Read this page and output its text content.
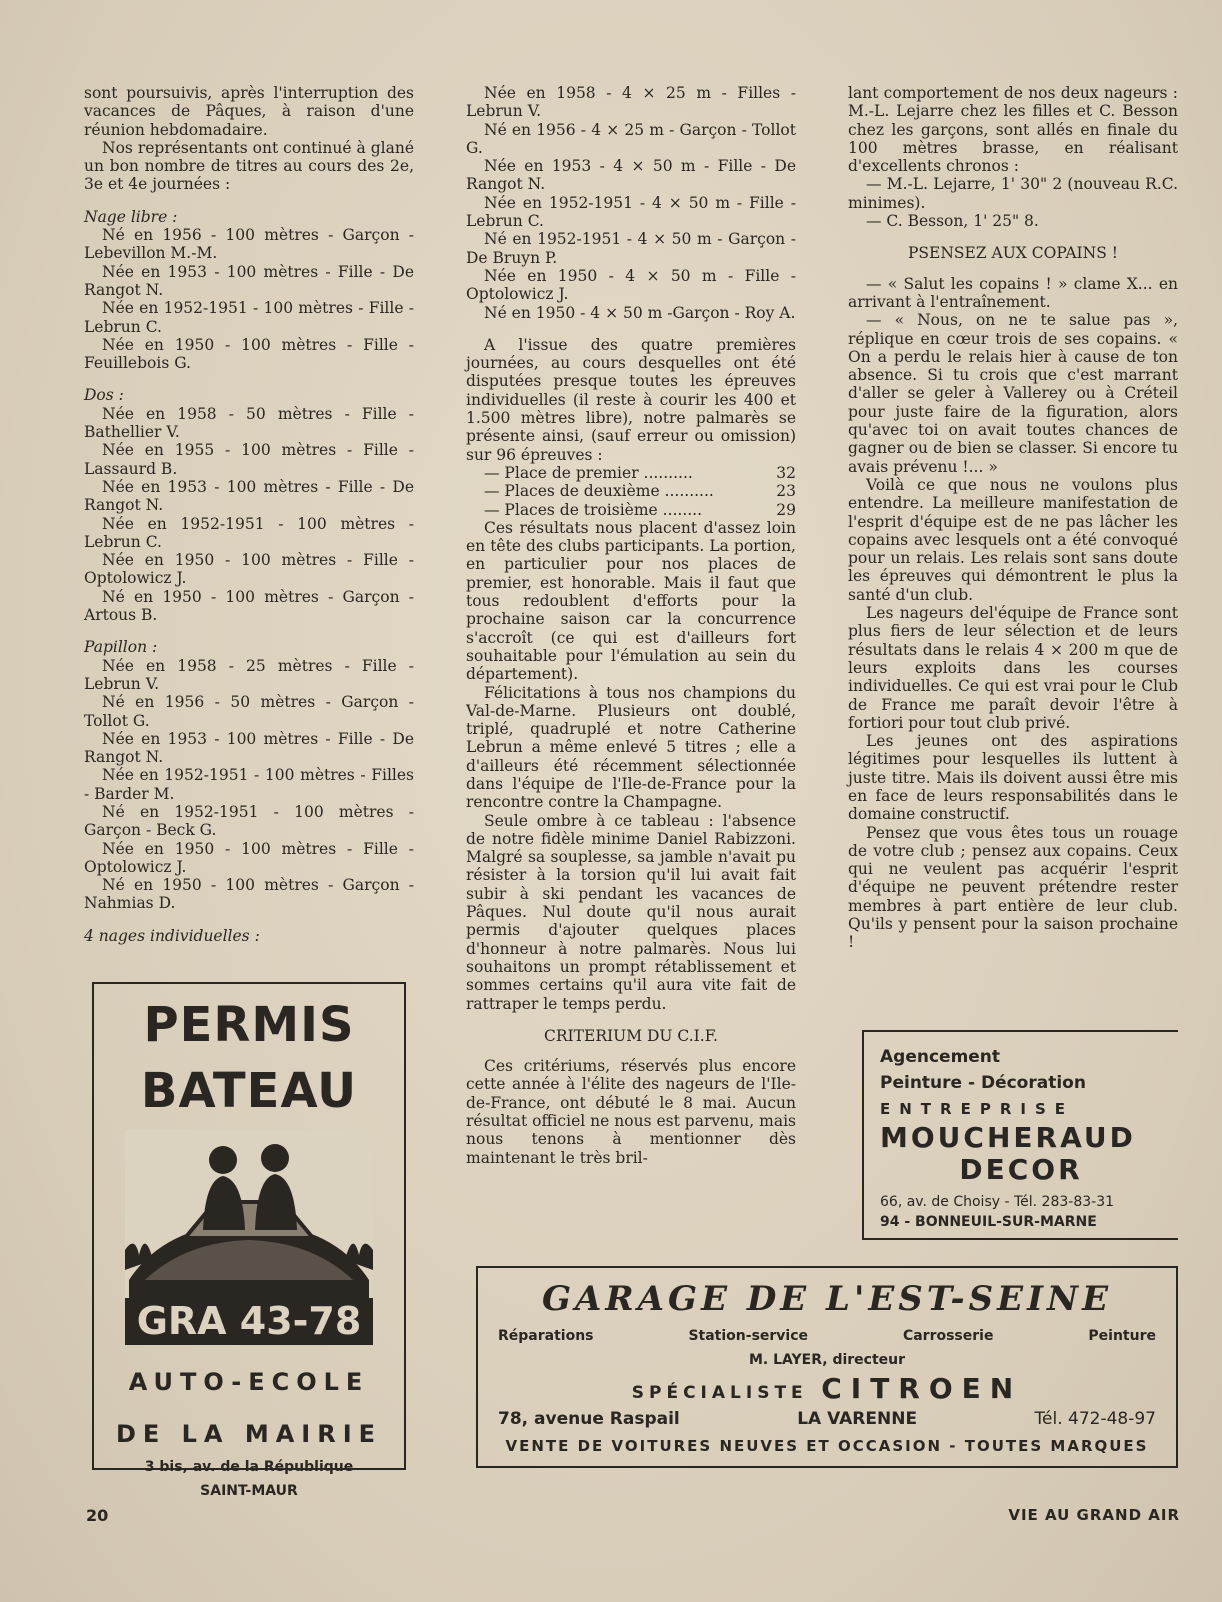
sont poursuivis, après l'interruption des vacances de Pâques, à raison d'une réunion hebdomadaire.

Nos représentants ont continué à glané un bon nombre de titres au cours des 2e, 3e et 4e journées :

Nage libre :

Né en 1956 - 100 mètres - Garçon - Lebevillon M.-M.

Née en 1953 - 100 mètres - Fille - De Rangot N.

Née en 1952-1951 - 100 mètres - Fille - Lebrun C.

Née en 1950 - 100 mètres - Fille - Feuillebois G.

Dos :

Née en 1958 - 50 mètres - Fille - Bathellier V.

Née en 1955 - 100 mètres - Fille - Lassaurd B.

Née en 1953 - 100 mètres - Fille - De Rangot N.

Née en 1952-1951 - 100 mètres - Lebrun C.

Née en 1950 - 100 mètres - Fille - Optolowicz J.

Né en 1950 - 100 mètres - Garçon - Artous B.

Papillon :

Née en 1958 - 25 mètres - Fille - Lebrun V.

Né en 1956 - 50 mètres - Garçon - Tollot G.

Née en 1953 - 100 mètres - Fille - De Rangot N.

Née en 1952-1951 - 100 mètres - Filles - Barder M.

Né en 1952-1951 - 100 mètres - Garçon - Beck G.

Née en 1950 - 100 mètres - Fille - Optolowicz J.

Né en 1950 - 100 mètres - Garçon - Nahmias D.

4 nages individuelles :

Née en 1958 - 4 × 25 m - Filles - Lebrun V.

Né en 1956 - 4 × 25 m - Garçon - Tollot G.

Née en 1953 - 4 × 50 m - Fille - De Rangot N.

Née en 1952-1951 - 4 × 50 m - Fille - Lebrun C.

Né en 1952-1951 - 4 × 50 m - Garçon - De Bruyn P.

Née en 1950 - 4 × 50 m - Fille - Optolowicz J.

Né en 1950 - 4 × 50 m -Garçon - Roy A.

A l'issue des quatre premières journées, au cours desquelles ont été disputées presque toutes les épreuves individuelles (il reste à courir les 400 et 1.500 mètres libre), notre palmarès se présente ainsi, (sauf erreur ou omission) sur 96 épreuves :

— Place de premier ..........	32
— Places de deuxième ..........	23
— Places de troisième ........	29

Ces résultats nous placent d'assez loin en tête des clubs participants. La portion, en particulier pour nos places de premier, est honorable. Mais il faut que tous redoublent d'efforts pour la prochaine saison car la concurrence s'accroît (ce qui est d'ailleurs fort souhaitable pour l'émulation au sein du département).

Félicitations à tous nos champions du Val-de-Marne. Plusieurs ont doublé, triplé, quadruplé et notre Catherine Lebrun a même enlevé 5 titres ; elle a d'ailleurs été récemment sélectionnée dans l'équipe de l'Ile-de-France pour la rencontre contre la Champagne.

Seule ombre à ce tableau : l'absence de notre fidèle minime Daniel Rabizzoni. Malgré sa souplesse, sa jamble n'avait pu résister à la torsion qu'il lui avait fait subir à ski pendant les vacances de Pâques. Nul doute qu'il nous aurait permis d'ajouter quelques places d'honneur à notre palmarès. Nous lui souhaitons un prompt rétablissement et sommes certains qu'il aura vite fait de rattraper le temps perdu.

CRITERIUM DU C.I.F.

Ces critériums, réservés plus encore cette année à l'élite des nageurs de l'Ile-de-France, ont débuté le 8 mai. Aucun résultat officiel ne nous est parvenu, mais nous tenons à mentionner dès maintenant le très bril-

lant comportement de nos deux nageurs : M.-L. Lejarre chez les filles et C. Besson chez les garçons, sont allés en finale du 100 mètres brasse, en réalisant d'excellents chronos :

— M.-L. Lejarre, 1' 30" 2 (nouveau R.C. minimes).

— C. Besson, 1' 25" 8.

PSENSEZ AUX COPAINS !

— « Salut les copains ! » clame X... en arrivant à l'entraînement.

— « Nous, on ne te salue pas », réplique en cœur trois de ses copains. « On a perdu le relais hier à cause de ton absence. Si tu crois que c'est marrant d'aller se geler à Vallerey ou à Créteil pour juste faire de la figuration, alors qu'avec toi on avait toutes chances de gagner ou de bien se classer. Si encore tu avais prévenu !... »

Voilà ce que nous ne voulons plus entendre. La meilleure manifestation de l'esprit d'équipe est de ne pas lâcher les copains avec lesquels ont a été convoqué pour un relais. Les relais sont sans doute les épreuves qui démontrent le plus la santé d'un club.

Les nageurs del'équipe de France sont plus fiers de leur sélection et de leurs résultats dans le relais 4 × 200 m que de leurs exploits dans les courses individuelles. Ce qui est vrai pour le Club de France me paraît devoir l'être à fortiori pour tout club privé.

Les jeunes ont des aspirations légitimes pour lesquelles ils luttent à juste titre. Mais ils doivent aussi être mis en face de leurs responsabilités dans le domaine constructif.

Pensez que vous êtes tous un rouage de votre club ; pensez aux copains. Ceux qui ne veulent pas acquérir l'esprit d'équipe ne peuvent prétendre rester membres à part entière de leur club. Qu'ils y pensent pour la saison prochaine !

PERMIS
BATEAU
GRA 43-78
AUTO-ECOLE
DE LA MAIRIE
3 bis, av. de la République
SAINT-MAUR
Agencement
Peinture - Décoration
ENTREPRISE
MOUCHERAUD
DECOR
66, av. de Choisy - Tél. 283-83-31
94 - BONNEUIL-SUR-MARNE
GARAGE DE L'EST-SEINE
Réparations	Station-service	Carrosserie	Peinture
M. LAYER, directeur
SPÉCIALISTE CITROEN
78, avenue Raspail	LA VARENNE	Tél. 472-48-97
VENTE DE VOITURES NEUVES ET OCCASION - TOUTES MARQUES
20	VIE AU GRAND AIR
